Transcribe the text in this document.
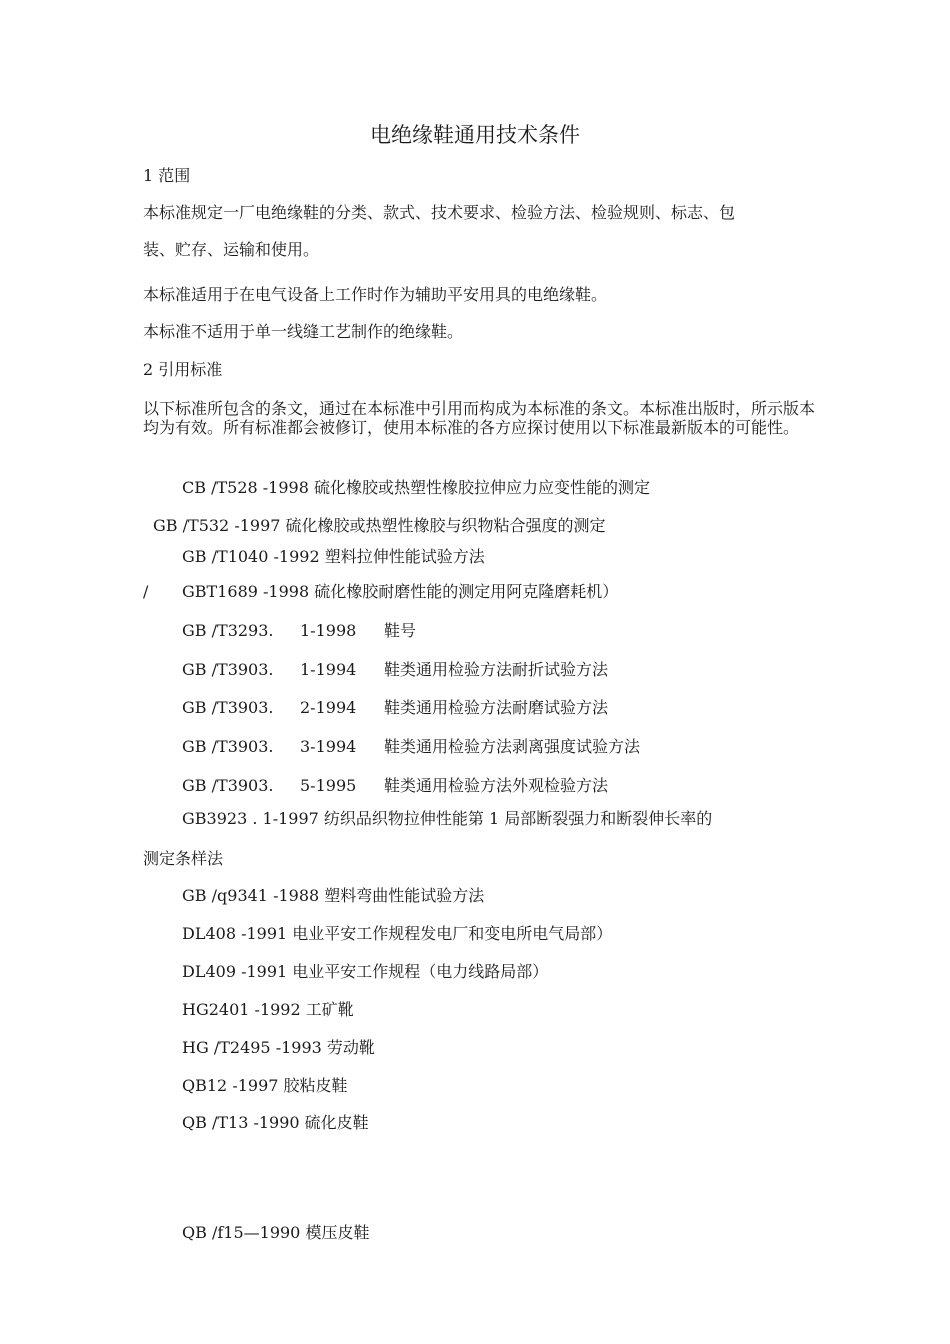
电绝缘鞋通用技术条件
1 范围
本标准规定一厂电绝缘鞋的分类、款式、技术要求、检验方法、检验规则、标志、包
装、贮存、运输和使用。
本标准适用于在电气设备上工作时作为辅助平安用具的电绝缘鞋。
本标准不适用于单一线缝工艺制作的绝缘鞋。
2 引用标准
以下标准所包含的条文，通过在本标准中引用而构成为本标准的条文。本标准出版时，所示版本均为有效。所有标准都会被修订，使用本标准的各方应探讨使用以下标准最新版本的可能性。
CB /T528 -1998 硫化橡胶或热塑性橡胶拉伸应力应变性能的测定
GB /T532 -1997 硫化橡胶或热塑性橡胶与织物粘合强度的测定
GB /T1040 -1992 塑料拉伸性能试验方法
/ GBT1689 -1998 硫化橡胶耐磨性能的测定用阿克隆磨耗机）
GB /T3293. 1-1998 鞋号
GB /T3903. 1-1994 鞋类通用检验方法耐折试验方法
GB /T3903. 2-1994 鞋类通用检验方法耐磨试验方法
GB /T3903. 3-1994 鞋类通用检验方法剥离强度试验方法
GB /T3903. 5-1995 鞋类通用检验方法外观检验方法
GB3923 . 1-1997 纺织品织物拉伸性能第 1 局部断裂强力和断裂伸长率的
测定条样法
GB /q9341 -1988 塑料弯曲性能试验方法
DL408 -1991 电业平安工作规程发电厂和变电所电气局部）
DL409 -1991 电业平安工作规程（电力线路局部）
HG2401 -1992 工矿靴
HG /T2495 -1993 劳动靴
QB12 -1997 胶粘皮鞋
QB /T13 -1990 硫化皮鞋
QB /f15—1990 模压皮鞋
